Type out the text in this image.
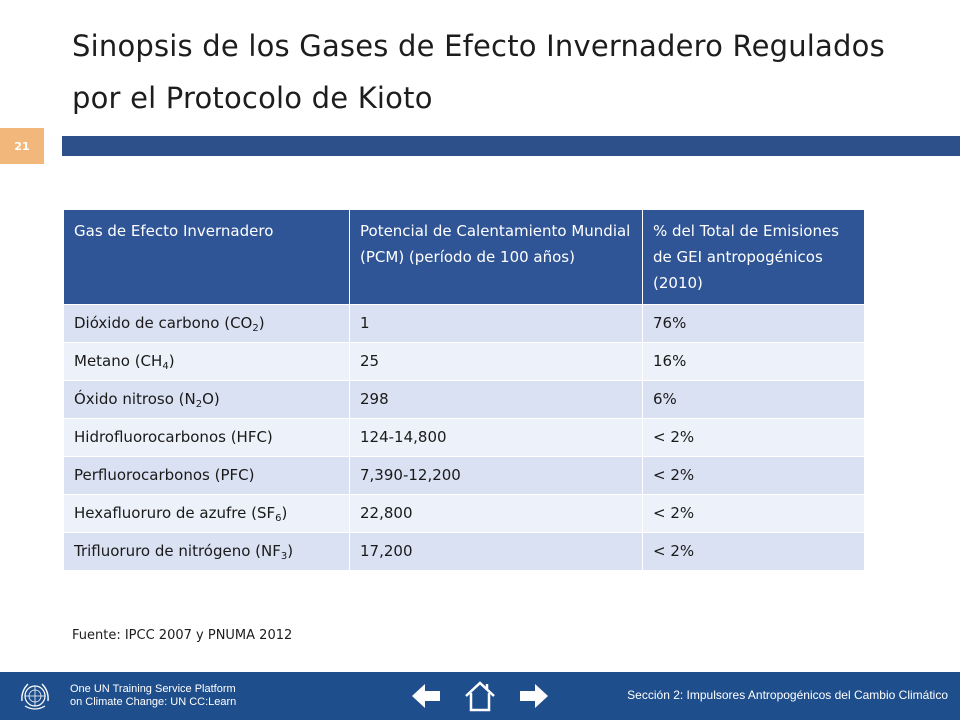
Sinopsis de los Gases de Efecto Invernadero Regulados por el Protocolo de Kioto
21
Gas de Efecto Invernadero	Potencial de Calentamiento Mundial (PCM) (período de 100 años)	% del Total de Emisiones de GEI antropogénicos (2010)
Dióxido de carbono $(CO_2)$	1	76%
Metano $(CH_4)$	25	16%
Óxido nitroso $(N_2O)$	298	6%
Hidrofluorocarbonos (HFC)	124-14,800	< 2%
Perfluorocarbonos (PFC)	7,390-12,200	< 2%
Hexafluoruro de azufre $(SF_6)$	22,800	< 2%
Trifluoruro de nitrógeno $(NF_3)$	17,200	< 2%
Fuente: IPCC 2007 y PNUMA 2012
One UN Training Service Platform
on Climate Change: UN CC:Learn	Sección 2: Impulsores Antropogénicos del Cambio Climático
